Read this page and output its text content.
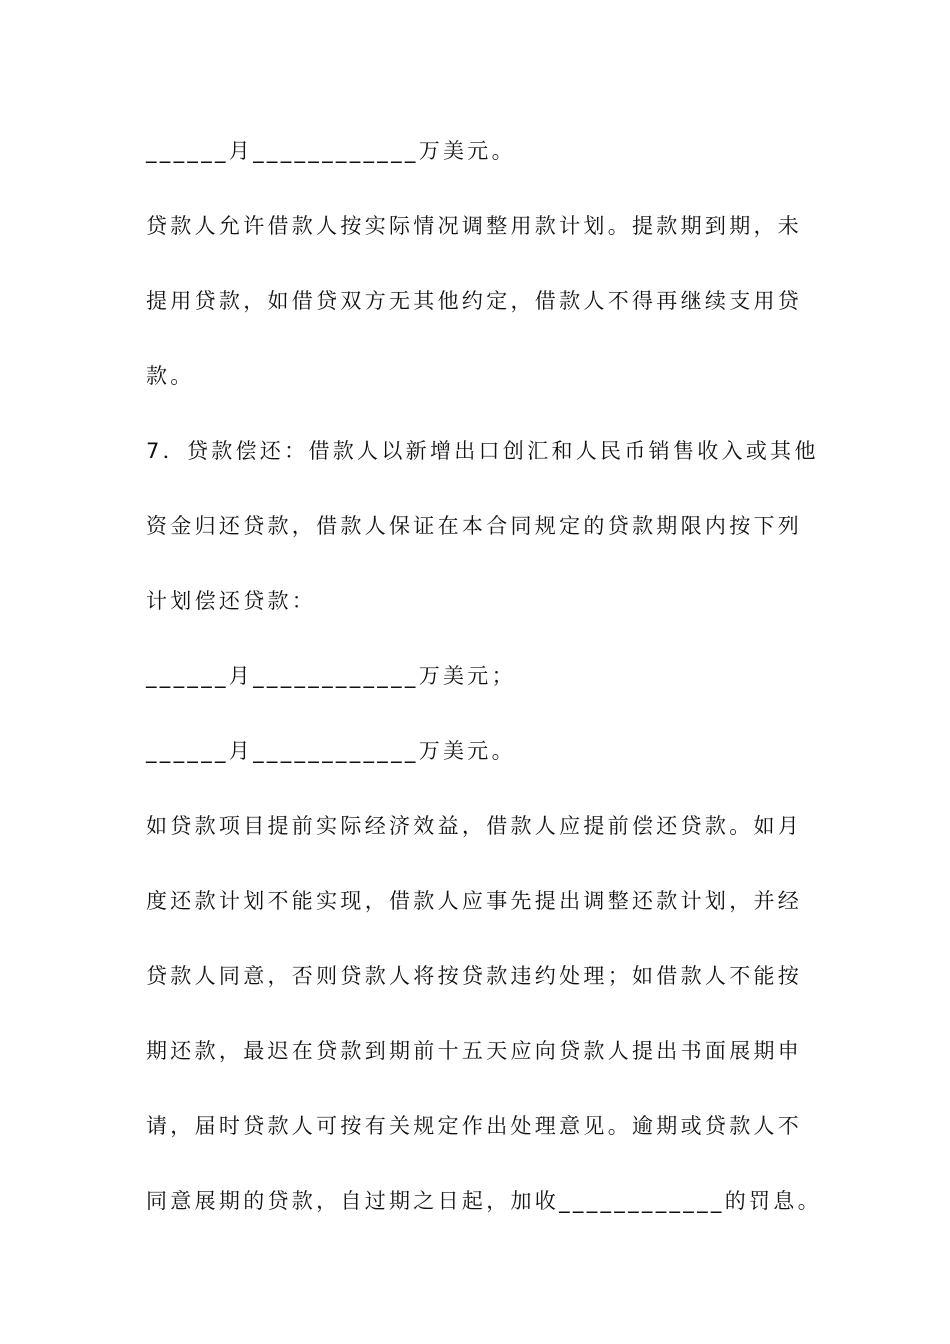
______月____________万美元。
贷款人允许借款人按实际情况调整用款计划。提款期到期，未
提用贷款，如借贷双方无其他约定，借款人不得再继续支用贷
款。
7．贷款偿还：借款人以新增出口创汇和人民币销售收入或其他
资金归还贷款，借款人保证在本合同规定的贷款期限内按下列
计划偿还贷款：
______月____________万美元；
______月____________万美元。
如贷款项目提前实际经济效益，借款人应提前偿还贷款。如月
度还款计划不能实现，借款人应事先提出调整还款计划，并经
贷款人同意，否则贷款人将按贷款违约处理；如借款人不能按
期还款，最迟在贷款到期前十五天应向贷款人提出书面展期申
请，届时贷款人可按有关规定作出处理意见。逾期或贷款人不
同意展期的贷款，自过期之日起，加收____________的罚息。
